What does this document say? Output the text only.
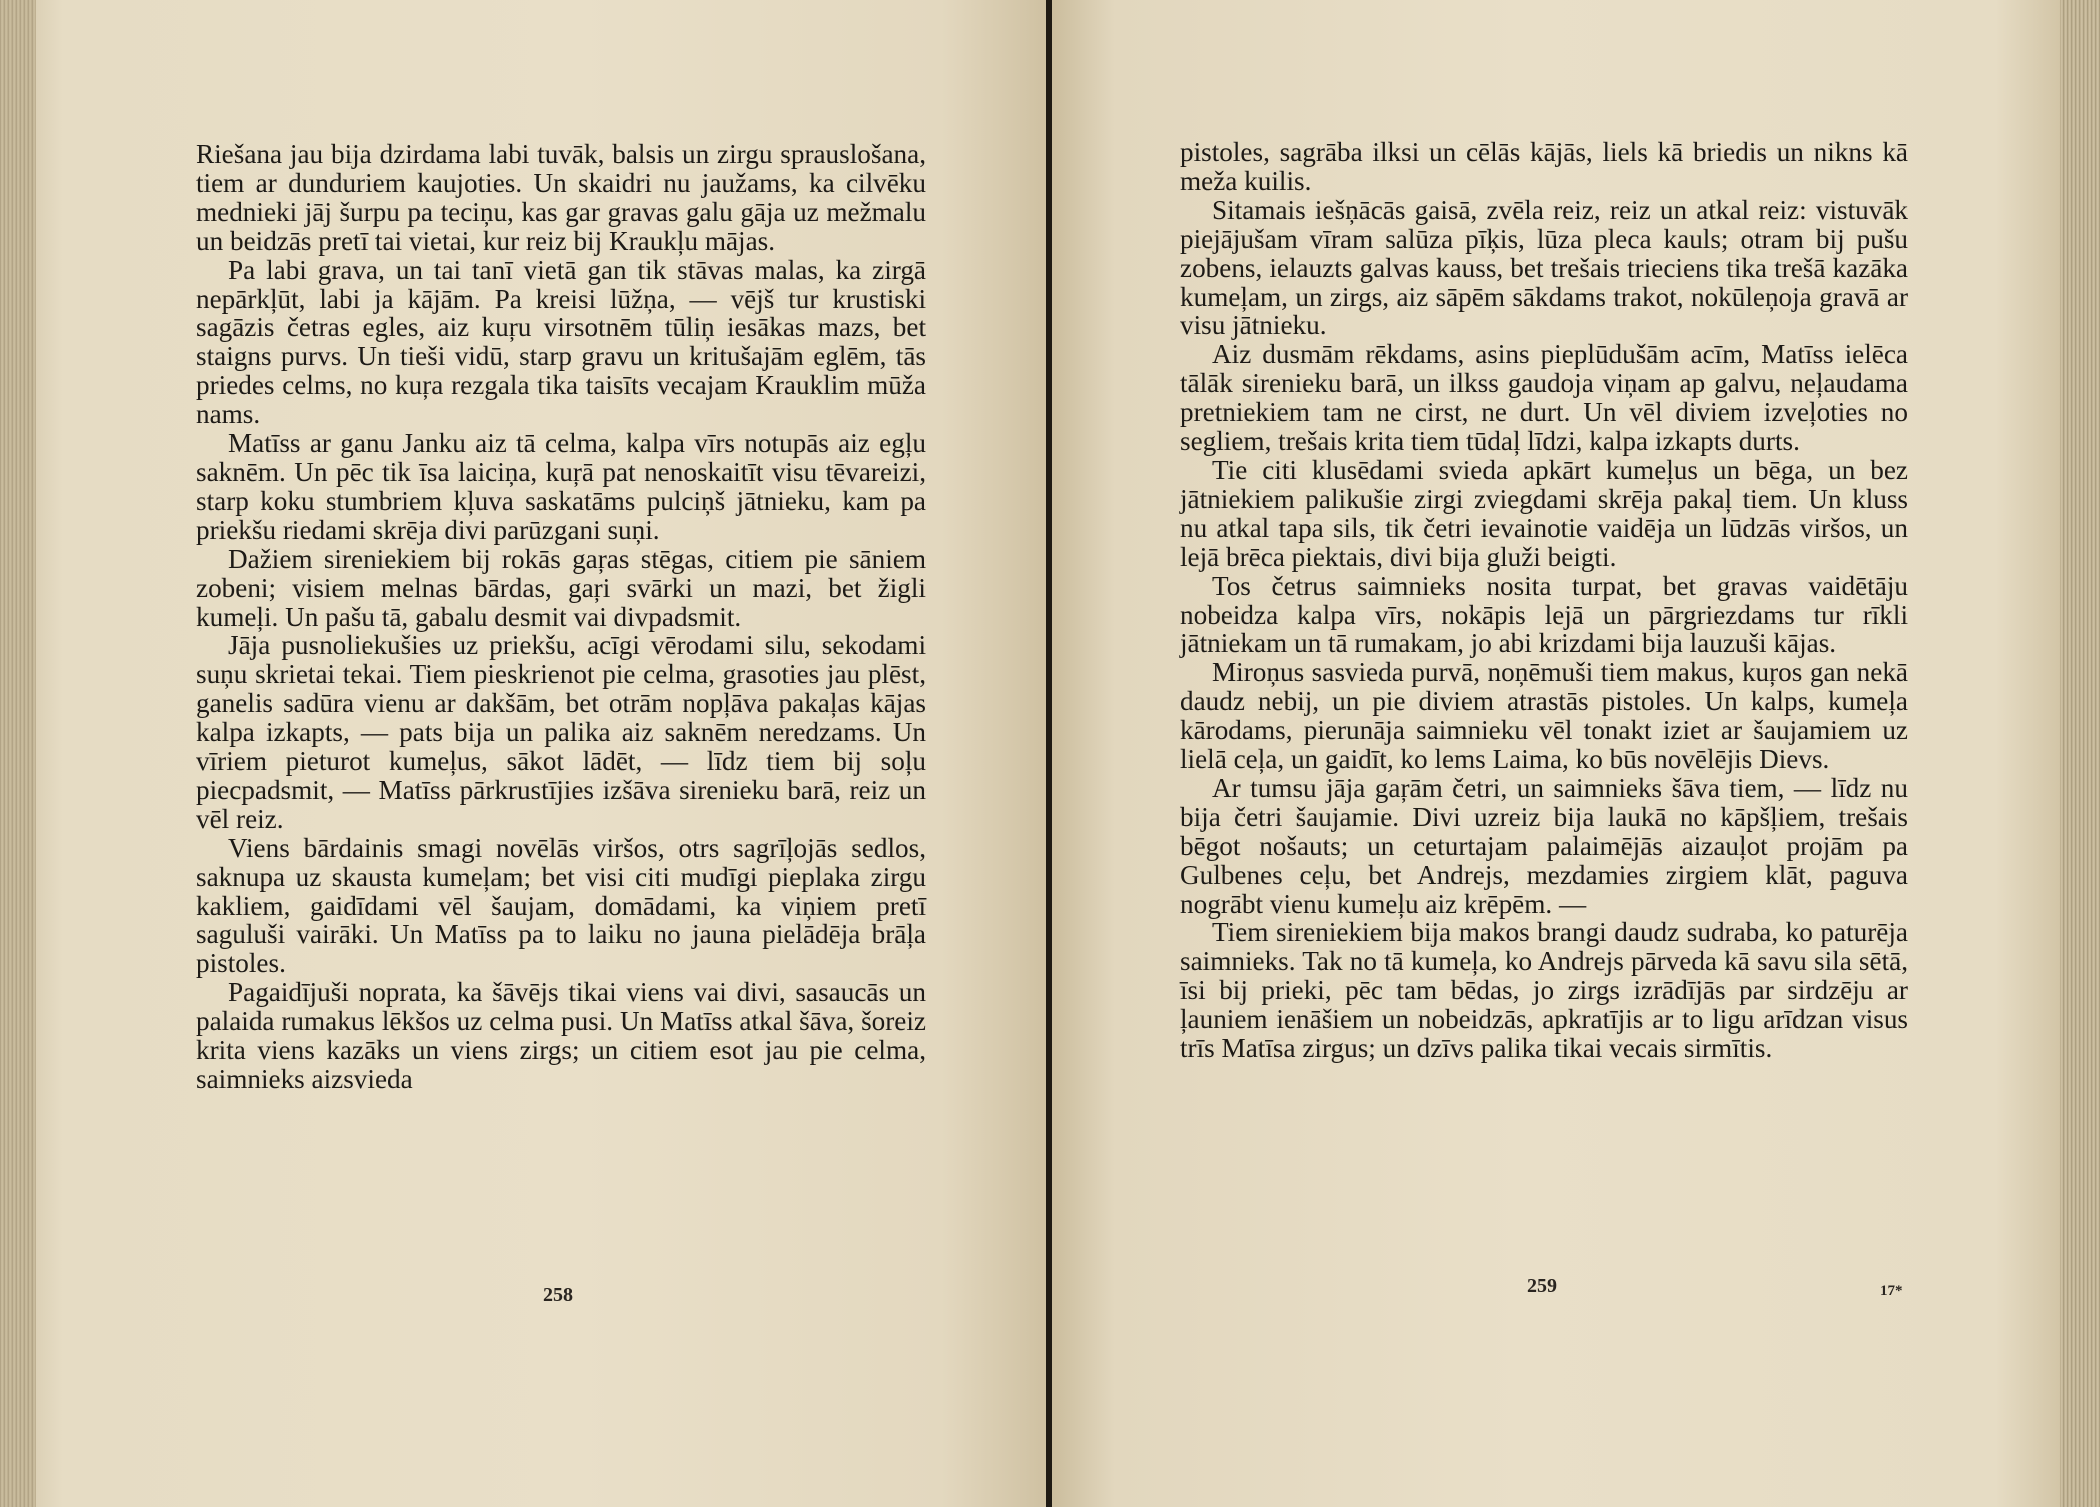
Riešana jau bija dzirdama labi tuvāk, balsis un zirgu sprauslošana, tiem ar dunduriem kaujoties. Un skaidri nu jaužams, ka cilvēku mednieki jāj šurpu pa teciņu, kas gar gravas galu gāja uz mežmalu un beidzās pretī tai vietai, kur reiz bij Kraukļu mājas.

Pa labi grava, un tai tanī vietā gan tik stāvas malas, ka zirgā nepārkļūt, labi ja kājām. Pa kreisi lūžņa, — vējš tur krustiski sagāzis četras egles, aiz kuŗu virsotnēm tūliņ iesākas mazs, bet staigns purvs. Un tieši vidū, starp gravu un kritušajām eglēm, tās priedes celms, no kuŗa rezgala tika taisīts vecajam Krauklim mūža nams.

Matīss ar ganu Janku aiz tā celma, kalpa vīrs notupās aiz egļu saknēm. Un pēc tik īsa laiciņa, kuŗā pat nenoskaitīt visu tēvareizi, starp koku stumbriem kļuva saskatāms pulciņš jātnieku, kam pa priekšu riedami skrēja divi parūzgani suņi.

Dažiem sireniekiem bij rokās gaŗas stēgas, citiem pie sāniem zobeni; visiem melnas bārdas, gaŗi svārki un mazi, bet žigli kumeļi. Un pašu tā, gabalu desmit vai divpadsmit.

Jāja pusnoliekušies uz priekšu, acīgi vērodami silu, sekodami suņu skrietai tekai. Tiem pieskrienot pie celma, grasoties jau plēst, ganelis sadūra vienu ar dakšām, bet otrām nopļāva pakaļas kājas kalpa izkapts, — pats bija un palika aiz saknēm neredzams. Un vīriem pieturot kumeļus, sākot lādēt, — līdz tiem bij soļu piecpadsmit, — Matīss pārkrustījies izšāva sirenieku barā, reiz un vēl reiz.

Viens bārdainis smagi novēlās viršos, otrs sagrīļojās sedlos, saknupa uz skausta kumeļam; bet visi citi mudīgi pieplaka zirgu kakliem, gaidīdami vēl šaujam, domādami, ka viņiem pretī saguluši vairāki. Un Matīss pa to laiku no jauna pielādēja brāļa pistoles.

Pagaidījuši noprata, ka šāvējs tikai viens vai divi, sasaucās un palaida rumakus lēkšos uz celma pusi. Un Matīss atkal šāva, šoreiz krita viens kazāks un viens zirgs; un citiem esot jau pie celma, saimnieks aizsvieda

258

pistoles, sagrāba ilksi un cēlās kājās, liels kā briedis un nikns kā meža kuilis.

Sitamais iešņācās gaisā, zvēla reiz, reiz un atkal reiz: vistuvāk piejājušam vīram salūza pīķis, lūza pleca kauls; otram bij pušu zobens, ielauzts galvas kauss, bet trešais trieciens tika trešā kazāka kumeļam, un zirgs, aiz sāpēm sākdams trakot, nokūleņoja gravā ar visu jātnieku.

Aiz dusmām rēkdams, asins pieplūdušām acīm, Matīss ielēca tālāk sirenieku barā, un ilkss gaudoja viņam ap galvu, neļaudama pretniekiem tam ne cirst, ne durt. Un vēl diviem izveļoties no segliem, trešais krita tiem tūdaļ līdzi, kalpa izkapts durts.

Tie citi klusēdami svieda apkārt kumeļus un bēga, un bez jātniekiem palikušie zirgi zviegdami skrēja pakaļ tiem. Un kluss nu atkal tapa sils, tik četri ievainotie vaidēja un lūdzās viršos, un lejā brēca piektais, divi bija gluži beigti.

Tos četrus saimnieks nosita turpat, bet gravas vaidētāju nobeidza kalpa vīrs, nokāpis lejā un pārgriezdams tur rīkli jātniekam un tā rumakam, jo abi krizdami bija lauzuši kājas.

Miroņus sasvieda purvā, noņēmuši tiem makus, kuŗos gan nekā daudz nebij, un pie diviem atrastās pistoles. Un kalps, kumeļa kārodams, pierunāja saimnieku vēl tonakt iziet ar šaujamiem uz lielā ceļa, un gaidīt, ko lems Laima, ko būs novēlējis Dievs.

Ar tumsu jāja gaŗām četri, un saimnieks šāva tiem, — līdz nu bija četri šaujamie. Divi uzreiz bija laukā no kāpšļiem, trešais bēgot nošauts; un ceturtajam palaimējās aizauļot projām pa Gulbenes ceļu, bet Andrejs, mezdamies zirgiem klāt, paguva nogrābt vienu kumeļu aiz krēpēm. —

Tiem sireniekiem bija makos brangi daudz sudraba, ko paturēja saimnieks. Tak no tā kumeļa, ko Andrejs pārveda kā savu sila sētā, īsi bij prieki, pēc tam bēdas, jo zirgs izrādījās par sirdzēju ar ļauniem ienāšiem un nobeidzās, apkratījis ar to ligu arīdzan visus trīs Matīsa zirgus; un dzīvs palika tikai vecais sirmītis.

259	17*
